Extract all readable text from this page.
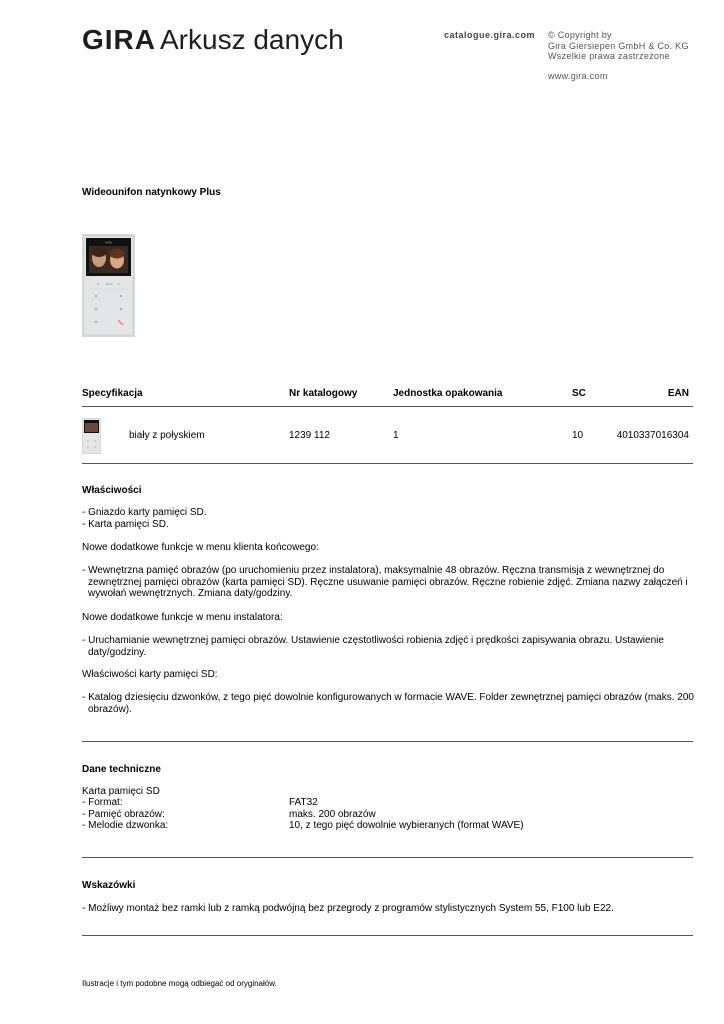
GIRA Arkusz danych	catalogue.gira.com © Copyright by
Gira Giersiepen GmbH & Co. KG
Wszelkie prawa zastrzeżone
www.gira.com
Wideounifon natynkowy Plus
GIRA
✕ Menu ▾
Specyfikacja	Nr katalogowy	Jednostka opakowania	SC	EAN
biały z połyskiem	1239 112	1	10	4010337016304
Właściwości
- Gniazdo karty pamięci SD.
- Karta pamięci SD.
Nowe dodatkowe funkcje w menu klienta końcowego:
- Wewnętrzna pamięć obrazów (po uruchomieniu przez instalatora), maksymalnie 48 obrazów. Ręczna transmisja z wewnętrznej do zewnętrznej pamięci obrazów (karta pamięci SD). Ręczne usuwanie pamięci obrazów. Ręczne robienie zdjęć. Zmiana nazwy załączeń i wywołań wewnętrznych. Zmiana daty/godziny.
Nowe dodatkowe funkcje w menu instalatora:
- Uruchamianie wewnętrznej pamięci obrazów. Ustawienie częstotliwości robienia zdjęć i prędkości zapisywania obrazu. Ustawienie daty/godziny.
Właściwości karty pamięci SD:
- Katalog dziesięciu dzwonków, z tego pięć dowolnie konfigurowanych w formacie WAVE. Folder zewnętrznej pamięci obrazów (maks. 200 obrazów).
Dane techniczne
Karta pamięci SD
- Format:	FAT32
- Pamięć obrazów:	maks. 200 obrazów
- Melodie dzwonka:	10, z tego pięć dowolnie wybieranych (format WAVE)
Wskazówki
- Możliwy montaż bez ramki lub z ramką podwójną bez przegrody z programów stylistycznych System 55, F100 lub E22.
Ilustracje i tym podobne mogą odbiegać od oryginałów.
